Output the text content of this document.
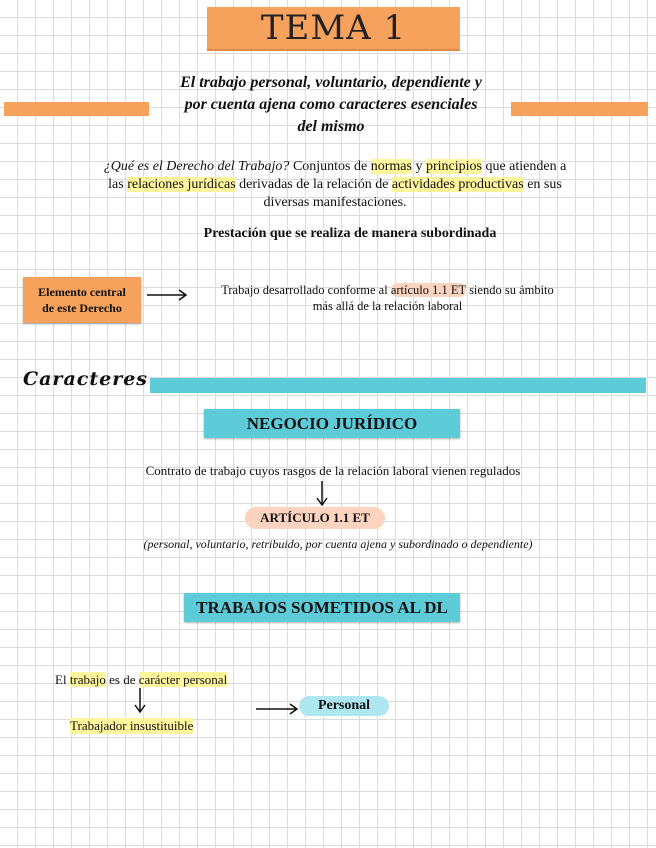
TEMA 1
El trabajo personal, voluntario, dependiente y
por cuenta ajena como caracteres esenciales
del mismo
¿Qué es el Derecho del Trabajo? Conjuntos de normas y principios que atienden a las relaciones jurídicas derivadas de la relación de actividades productivas en sus diversas manifestaciones.
Prestación que se realiza de manera subordinada
Elemento central
de este Derecho
Trabajo desarrollado conforme al artículo 1.1 ET siendo su ámbito
más allá de la relación laboral
Caracteres
NEGOCIO JURÍDICO
Contrato de trabajo cuyos rasgos de la relación laboral vienen regulados
ARTÍCULO 1.1 ET
(personal, voluntario, retribuido, por cuenta ajena y subordinado o dependiente)
TRABAJOS SOMETIDOS AL DL
El trabajo es de carácter personal
Trabajador insustituible
Personal
